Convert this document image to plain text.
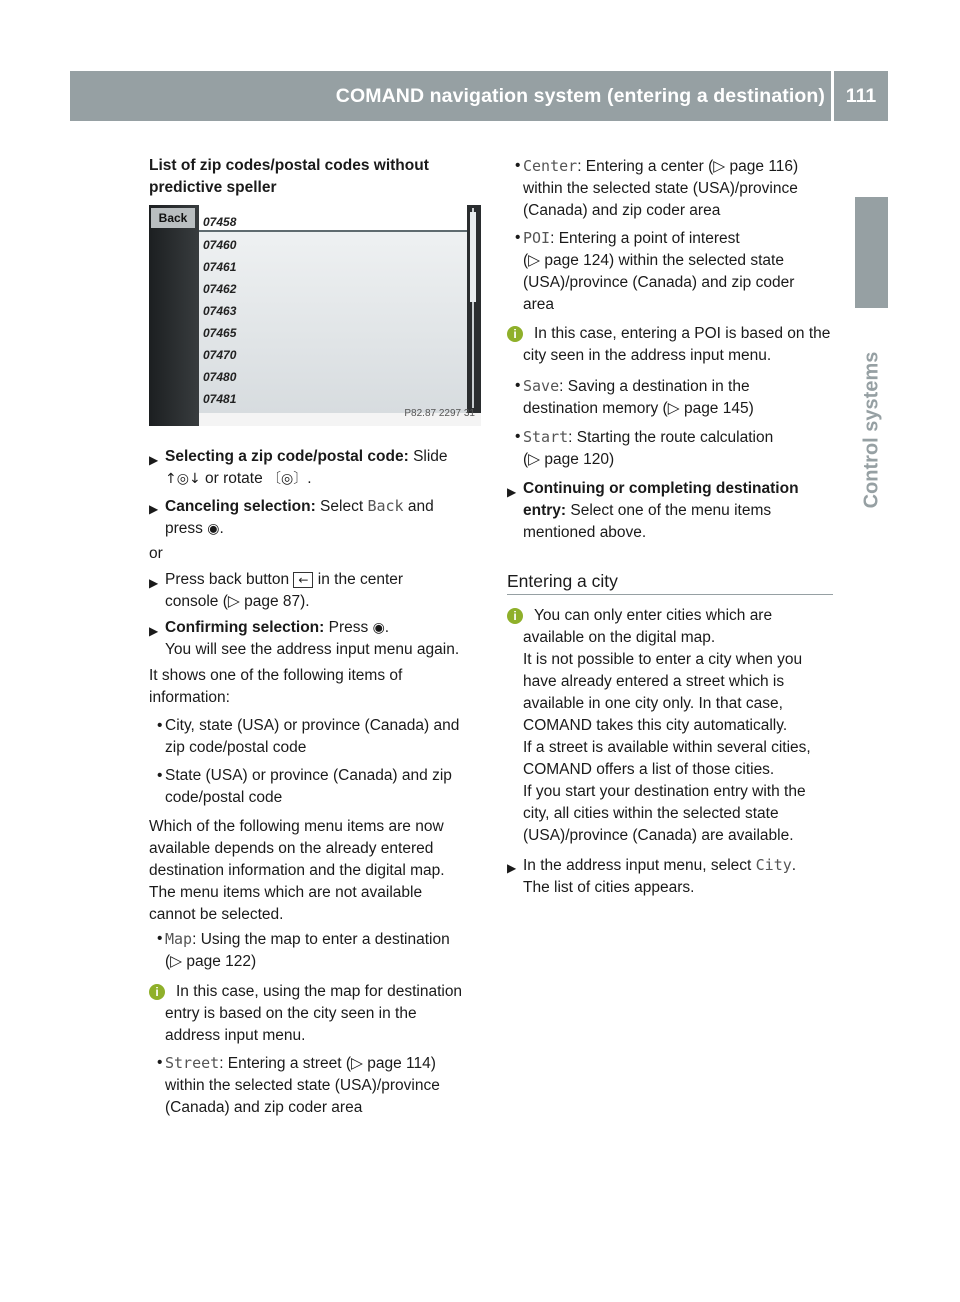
COMAND navigation system (entering a destination)	111
Control systems

List of zip codes/postal codes without
predictive speller

Back	07458
07460
07461
07462
07463
07465
07470
07480
07481
P82.87 2297 31
▶ Selecting a zip code/postal code: Slide
↑◎↓ or rotate 〔◎〕.
▶ Canceling selection: Select Back and
press ◉.

or

▶ Press back button ← in the center
console (▷ page 87).
▶ Confirming selection: Press ◉.
You will see the address input menu again.

It shows one of the following items of
information:

• City, state (USA) or province (Canada) and
zip code/postal code
• State (USA) or province (Canada) and zip
code/postal code

Which of the following menu items are now
available depends on the already entered
destination information and the digital map.
The menu items which are not available
cannot be selected.

• Map: Using the map to enter a destination
(▷ page 122)
i	In this case, using the map for destination
entry is based on the city seen in the
address input menu.
• Street: Entering a street (▷ page 114)
within the selected state (USA)/province
(Canada) and zip coder area
• Center: Entering a center (▷ page 116)
within the selected state (USA)/province
(Canada) and zip coder area
• POI: Entering a point of interest
(▷ page 124) within the selected state
(USA)/province (Canada) and zip coder
area
i	In this case, entering a POI is based on the
city seen in the address input menu.
• Save: Saving a destination in the
destination memory (▷ page 145)
• Start: Starting the route calculation
(▷ page 120)
▶ Continuing or completing destination
entry: Select one of the menu items
mentioned above.
Entering a city
i	You can only enter cities which are
available on the digital map.
It is not possible to enter a city when you
have already entered a street which is
available in one city only. In that case,
COMAND takes this city automatically.
If a street is available within several cities,
COMAND offers a list of those cities.
If you start your destination entry with the
city, all cities within the selected state
(USA)/province (Canada) are available.
▶ In the address input menu, select City.
The list of cities appears.
